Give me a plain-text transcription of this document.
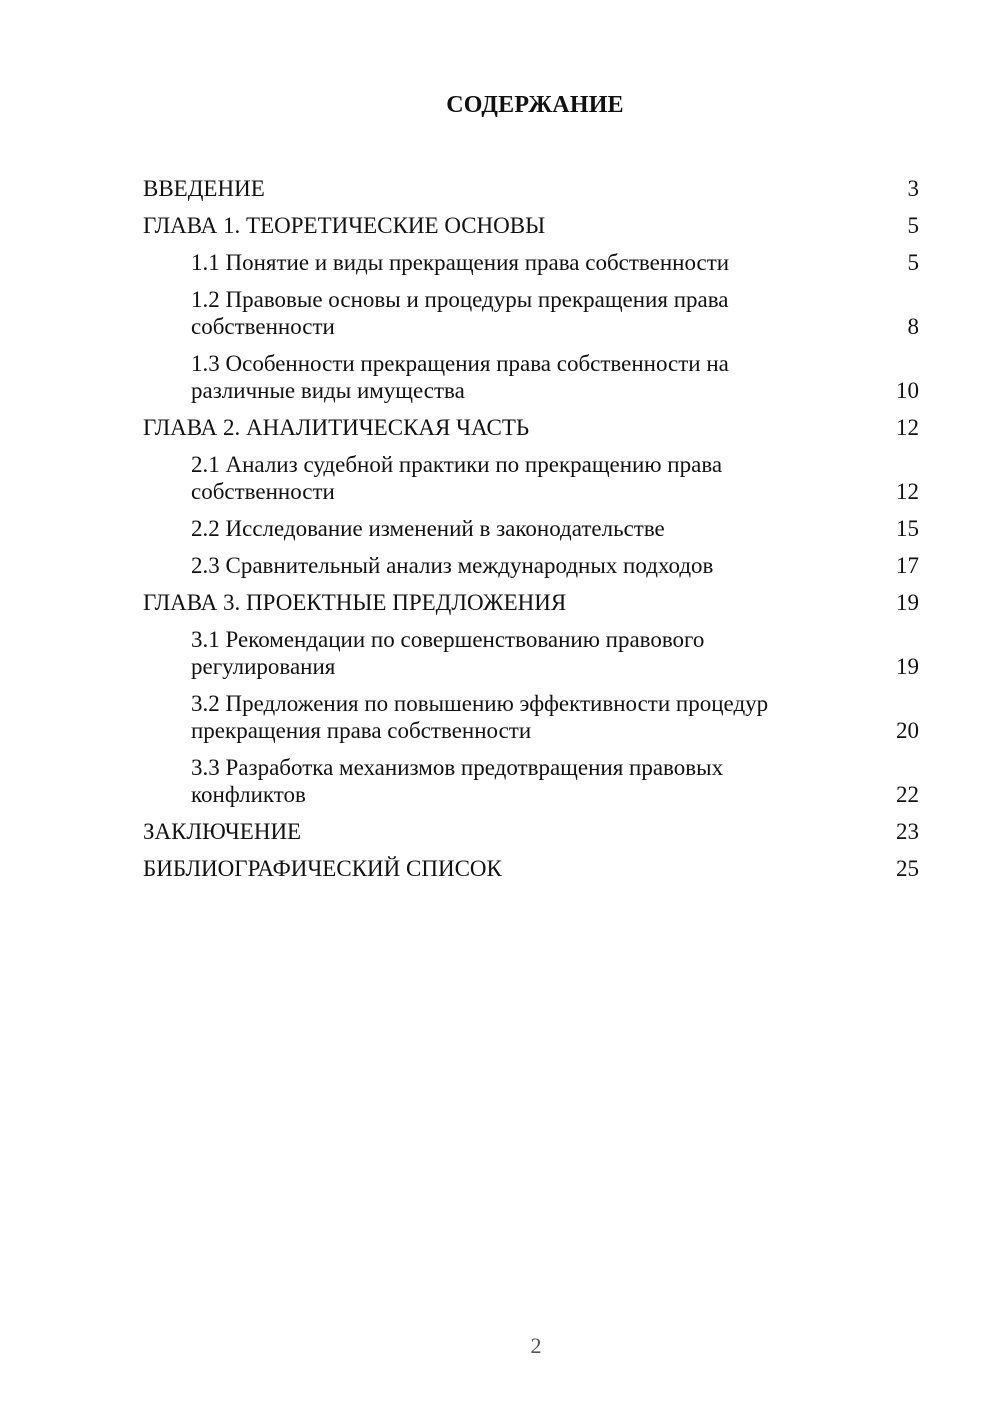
СОДЕРЖАНИЕ
ВВЕДЕНИЕ	3
ГЛАВА 1. ТЕОРЕТИЧЕСКИЕ ОСНОВЫ	5
1.1 Понятие и виды прекращения права собственности	5
1.2 Правовые основы и процедуры прекращения права собственности	8
1.3 Особенности прекращения права собственности на различные виды имущества	10
ГЛАВА 2. АНАЛИТИЧЕСКАЯ ЧАСТЬ	12
2.1 Анализ судебной практики по прекращению права собственности	12
2.2 Исследование изменений в законодательстве	15
2.3 Сравнительный анализ международных подходов	17
ГЛАВА 3. ПРОЕКТНЫЕ ПРЕДЛОЖЕНИЯ	19
3.1 Рекомендации по совершенствованию правового регулирования	19
3.2 Предложения по повышению эффективности процедур прекращения права собственности	20
3.3 Разработка механизмов предотвращения правовых конфликтов	22
ЗАКЛЮЧЕНИЕ	23
БИБЛИОГРАФИЧЕСКИЙ СПИСОК	25
2
